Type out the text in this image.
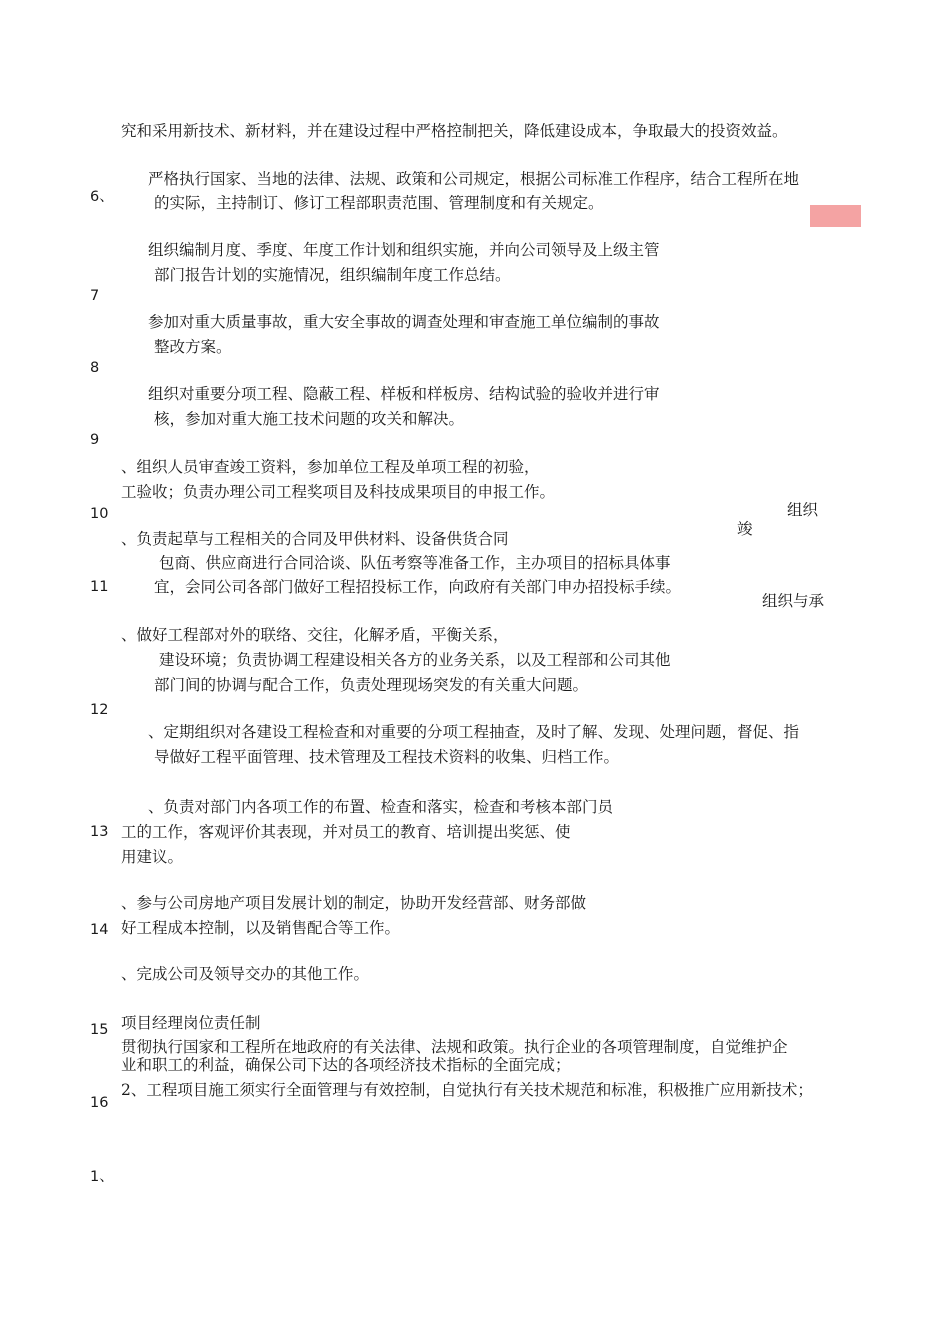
究和采用新技术、新材料，并在建设过程中严格控制把关，降低建设成本，争取最大的投资效益。
严格执行国家、当地的法律、法规、政策和公司规定，根据公司标准工作程序，结合工程所在地
的实际，主持制订、修订工程部职责范围、管理制度和有关规定。
组织编制月度、季度、年度工作计划和组织实施，并向公司领导及上级主管
部门报告计划的实施情况，组织编制年度工作总结。
参加对重大质量事故，重大安全事故的调查处理和审查施工单位编制的事故
整改方案。
组织对重要分项工程、隐蔽工程、样板和样板房、结构试验的验收并进行审
核，参加对重大施工技术问题的攻关和解决。
、组织人员审查竣工资料，参加单位工程及单项工程的初验，
工验收；负责办理公司工程奖项目及科技成果项目的申报工作。
、负责起草与工程相关的合同及甲供材料、设备供货合同
包商、供应商进行合同洽谈、队伍考察等准备工作，主办项目的招标具体事
宜，会同公司各部门做好工程招投标工作，向政府有关部门申办招投标手续。
、做好工程部对外的联络、交往，化解矛盾，平衡关系，
建设环境；负责协调工程建设相关各方的业务关系，以及工程部和公司其他
部门间的协调与配合工作，负责处理现场突发的有关重大问题。
、定期组织对各建设工程检查和对重要的分项工程抽查，及时了解、发现、处理问题，督促、指
导做好工程平面管理、技术管理及工程技术资料的收集、归档工作。
、负责对部门内各项工作的布置、检查和落实，检查和考核本部门员
工的工作，客观评价其表现，并对员工的教育、培训提出奖惩、使
用建议。
、参与公司房地产项目发展计划的制定，协助开发经营部、财务部做
好工程成本控制，以及销售配合等工作。
、完成公司及领导交办的其他工作。
项目经理岗位责任制
贯彻执行国家和工程所在地政府的有关法律、法规和政策。执行企业的各项管理制度，自觉维护企
业和职工的利益，确保公司下达的各项经济技术指标的全面完成；
2、工程项目施工须实行全面管理与有效控制，自觉执行有关技术规范和标准，积极推广应用新技术；
组织
竣
组织与承
6、
7
8
9
10
11
12
13
14
15
16
1、
